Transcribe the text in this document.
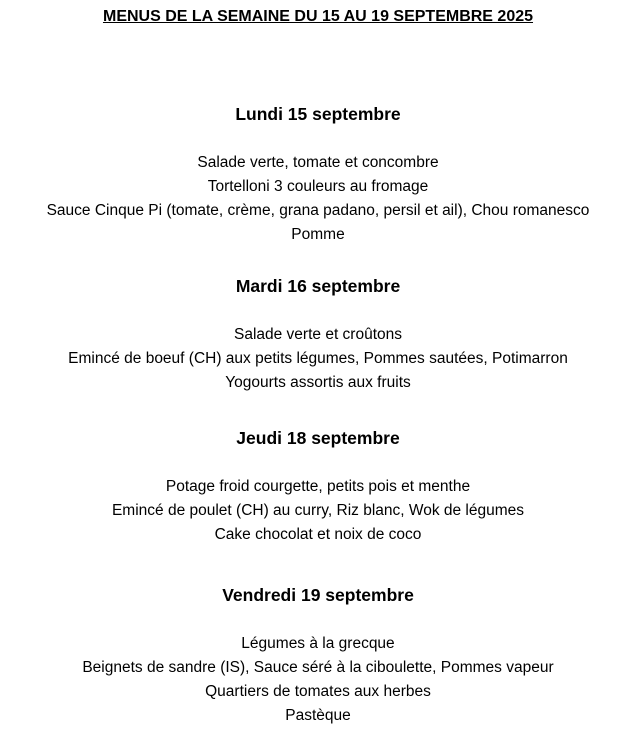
MENUS DE LA SEMAINE DU 15 AU 19 SEPTEMBRE 2025
Lundi 15 septembre
Salade verte, tomate et concombre
Tortelloni 3 couleurs au fromage
Sauce Cinque Pi (tomate, crème, grana padano, persil et ail), Chou romanesco
Pomme
Mardi 16 septembre
Salade verte et croûtons
Emincé de boeuf (CH) aux petits légumes, Pommes sautées, Potimarron
Yogourts assortis aux fruits
Jeudi 18 septembre
Potage froid courgette, petits pois et menthe
Emincé de poulet (CH) au curry, Riz blanc, Wok de légumes
Cake chocolat et noix de coco
Vendredi 19 septembre
Légumes à la grecque
Beignets de sandre (IS), Sauce séré à la ciboulette, Pommes vapeur
Quartiers de tomates aux herbes
Pastèque
